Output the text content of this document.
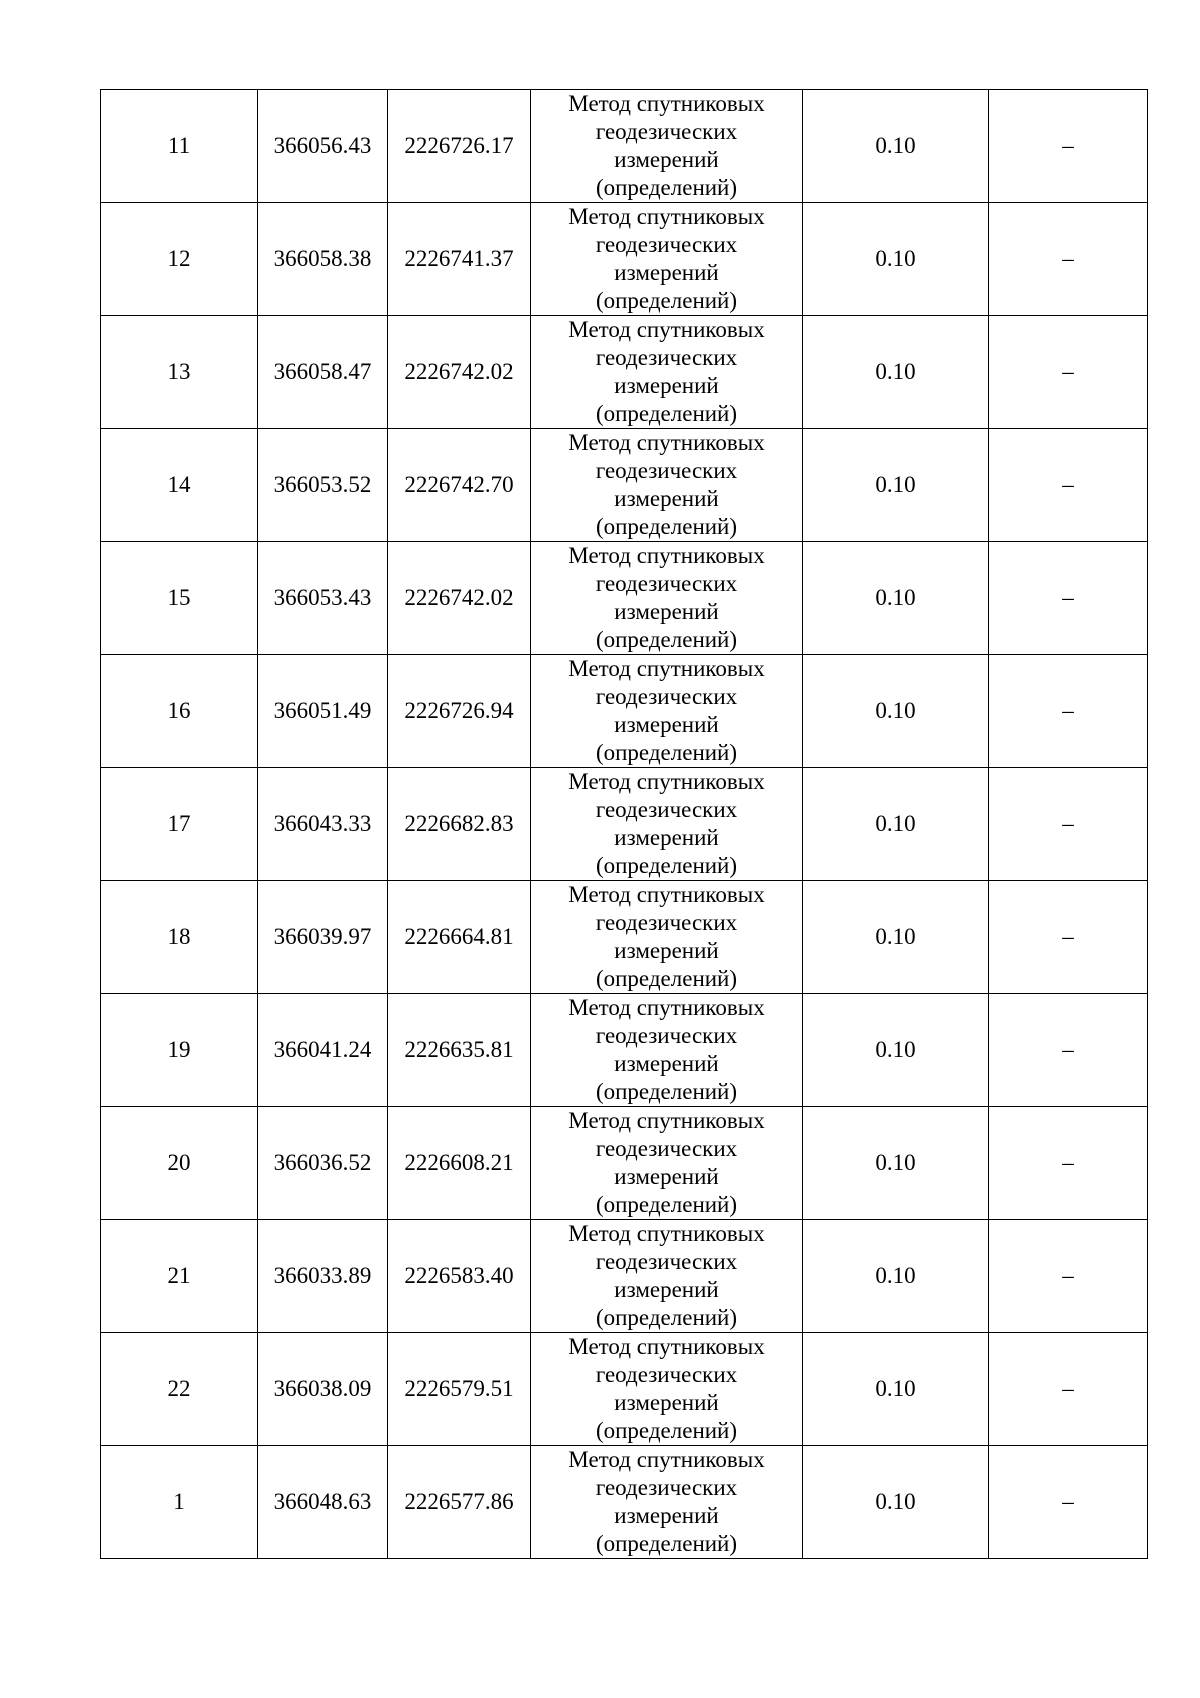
11	366056.43	2226726.17	Метод спутниковых
геодезических
измерений
(определений)	0.10	–
12	366058.38	2226741.37	Метод спутниковых
геодезических
измерений
(определений)	0.10	–
13	366058.47	2226742.02	Метод спутниковых
геодезических
измерений
(определений)	0.10	–
14	366053.52	2226742.70	Метод спутниковых
геодезических
измерений
(определений)	0.10	–
15	366053.43	2226742.02	Метод спутниковых
геодезических
измерений
(определений)	0.10	–
16	366051.49	2226726.94	Метод спутниковых
геодезических
измерений
(определений)	0.10	–
17	366043.33	2226682.83	Метод спутниковых
геодезических
измерений
(определений)	0.10	–
18	366039.97	2226664.81	Метод спутниковых
геодезических
измерений
(определений)	0.10	–
19	366041.24	2226635.81	Метод спутниковых
геодезических
измерений
(определений)	0.10	–
20	366036.52	2226608.21	Метод спутниковых
геодезических
измерений
(определений)	0.10	–
21	366033.89	2226583.40	Метод спутниковых
геодезических
измерений
(определений)	0.10	–
22	366038.09	2226579.51	Метод спутниковых
геодезических
измерений
(определений)	0.10	–
1	366048.63	2226577.86	Метод спутниковых
геодезических
измерений
(определений)	0.10	–
